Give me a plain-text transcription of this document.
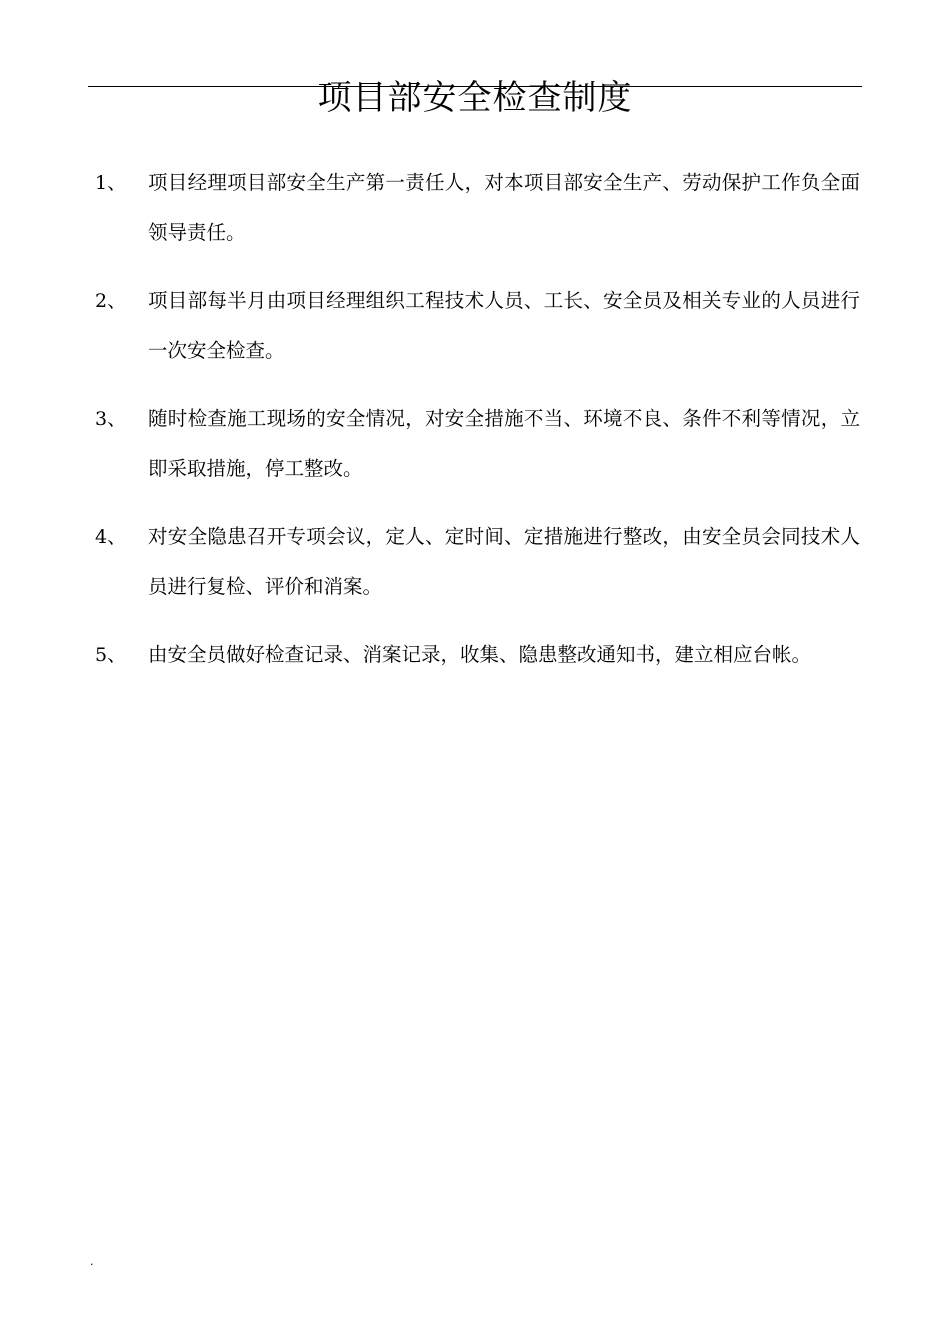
项目部安全检查制度
1、	项目经理项目部安全生产第一责任人，对本项目部安全生产、劳动保护工作负全面领导责任。
2、	项目部每半月由项目经理组织工程技术人员、工长、安全员及相关专业的人员进行一次安全检查。
3、	随时检查施工现场的安全情况，对安全措施不当、环境不良、条件不利等情况，立即采取措施，停工整改。
4、	对安全隐患召开专项会议，定人、定时间、定措施进行整改，由安全员会同技术人员进行复检、评价和消案。
5、	由安全员做好检查记录、消案记录，收集、隐患整改通知书，建立相应台帐。
.
